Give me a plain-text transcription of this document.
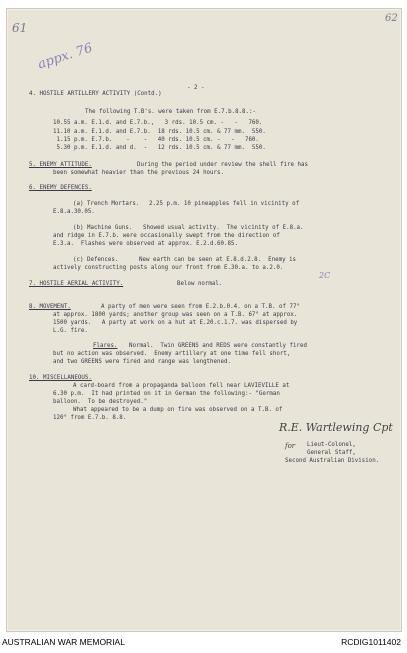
61
62
appx. 76
- 2 -
4. HOSTILE ARTILLERY ACTIVITY (Contd.)
The following T.B's. were taken from E.7.b.8.8.:-
10.55 a.m. E.1.d. and E.7.b.,   3 rds. 10.5 cm. -   -   760.
11.10 a.m. E.1.d. and E.7.b.  18 rds. 10.5 cm. & 77 mm.  550.
1.15 p.m. E.7.b.    -    -   40 rds. 10.5 cm. -   -   760.
5.30 p.m. E.1.d. and d.  -   12 rds. 10.5 cm. & 77 mm.  550.
5. ENEMY ATTITUDE.	During the period under review the shell fire has
been somewhat heavier than the previous 24 hours.
6. ENEMY DEFENCES.
(a) Trench Mortars. 2.25 p.m. 10 pineapples fell in vicinity of
E.8.a.30.05.
(b) Machine Guns. Showed usual activity.  The vicinity of E.8.a.
and ridge in E.7.b. were occasionally swept from the direction of
E.3.a.  Flashes were observed at approx. E.2.d.60.85.
(c) Defences.	New earth can be seen at E.8.d.2.8.  Enemy is
actively constructing posts along our front from E.30.a. to a.2.0.
2C
7. HOSTILE AERIAL ACTIVITY.	Below normal.
8. MOVEMENT.	A party of men were seen from E.2.b.0.4. on a T.B. of 77°
at approx. 1800 yards; another group was seen on a T.B. 67° at approx.
1500 yards.   A party at work on a hut at E.20.c.1.7. was dispersed by
L.G. fire.
Flares. Normal.  Twin GREENS and REDS were constantly fired
but no action was observed.  Enemy artillery at one time fell short,
and two GREENS were fired and range was lengthened.
10. MISCELLANEOUS.
A card-board from a propaganda balloon fell near LAVIEVILLE at
6.30 p.m.  It had printed on it in German the following:- "German
balloon.  To be destroyed."
What appeared to be a dump on fire was observed on a T.B. of
120° from E.7.b. 8.8.
R.E. Wartlewing Cpt
for Lieut-Colonel,
General Staff,
Second Australian Division.
AUSTRALIAN WAR MEMORIAL	RCDIG1011402
